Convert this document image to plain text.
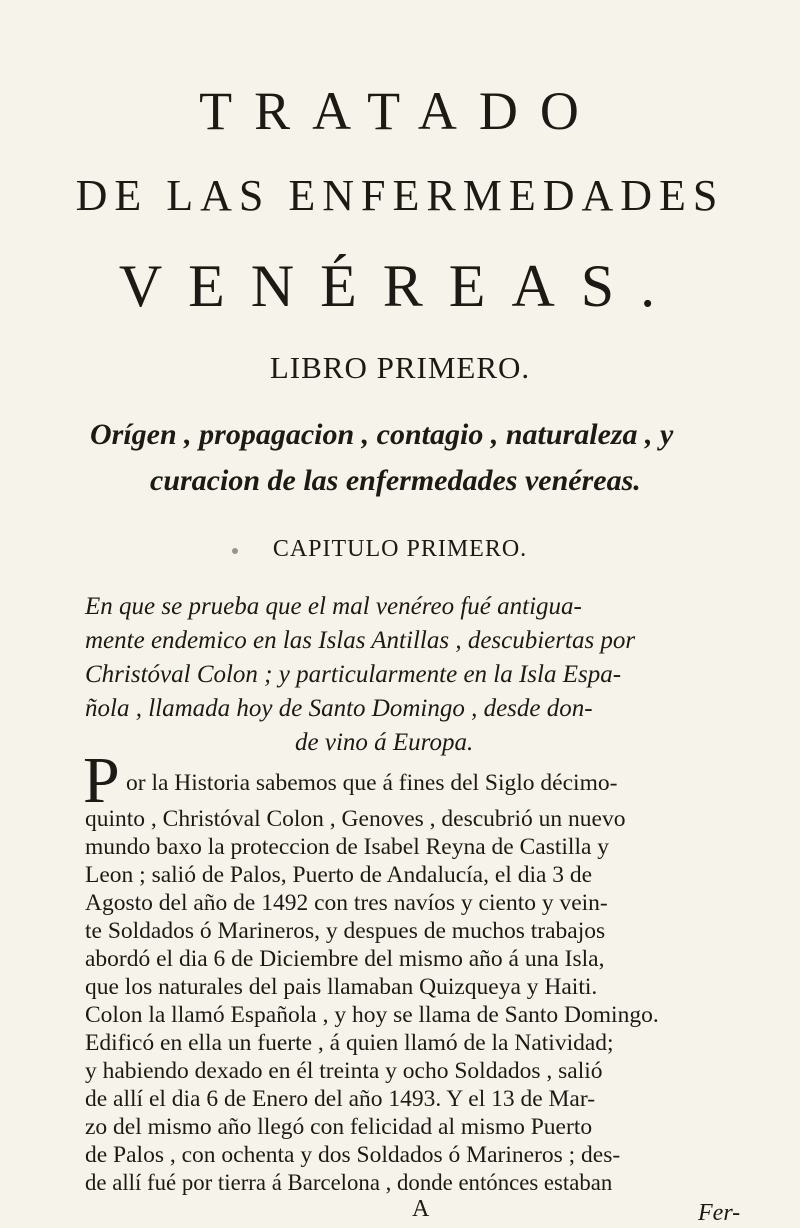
TRATADO
DE LAS ENFERMEDADES
VENÉREAS.
LIBRO PRIMERO.
Orígen , propagacion , contagio , naturaleza , y
curacion de las enfermedades venéreas.
CAPITULO PRIMERO.
En que se prueba que el mal venéreo fué antigua-
mente endemico en las Islas Antillas , descubiertas por
Christóval Colon ; y particularmente en la Isla Espa-
ñola , llamada hoy de Santo Domingo , desde don-
de vino á Europa.
P or la Historia sabemos que á fines del Siglo décimo-
quinto , Christóval Colon , Genoves , descubrió un nuevo
mundo baxo la proteccion de Isabel Reyna de Castilla y
Leon ; salió de Palos, Puerto de Andalucía, el dia 3 de
Agosto del año de 1492 con tres navíos y ciento y vein-
te Soldados ó Marineros, y despues de muchos trabajos
abordó el dia 6 de Diciembre del mismo año á una Isla,
que los naturales del pais llamaban Quizqueya y Haiti.
Colon la llamó Española , y hoy se llama de Santo Domingo.
Edificó en ella un fuerte , á quien llamó de la Natividad;
y habiendo dexado en él treinta y ocho Soldados , salió
de allí el dia 6 de Enero del año 1493. Y el 13 de Mar-
zo del mismo año llegó con felicidad al mismo Puerto
de Palos , con ochenta y dos Soldados ó Marineros ; des-
de allí fué por tierra á Barcelona , donde entónces estaban
A	Fer-
